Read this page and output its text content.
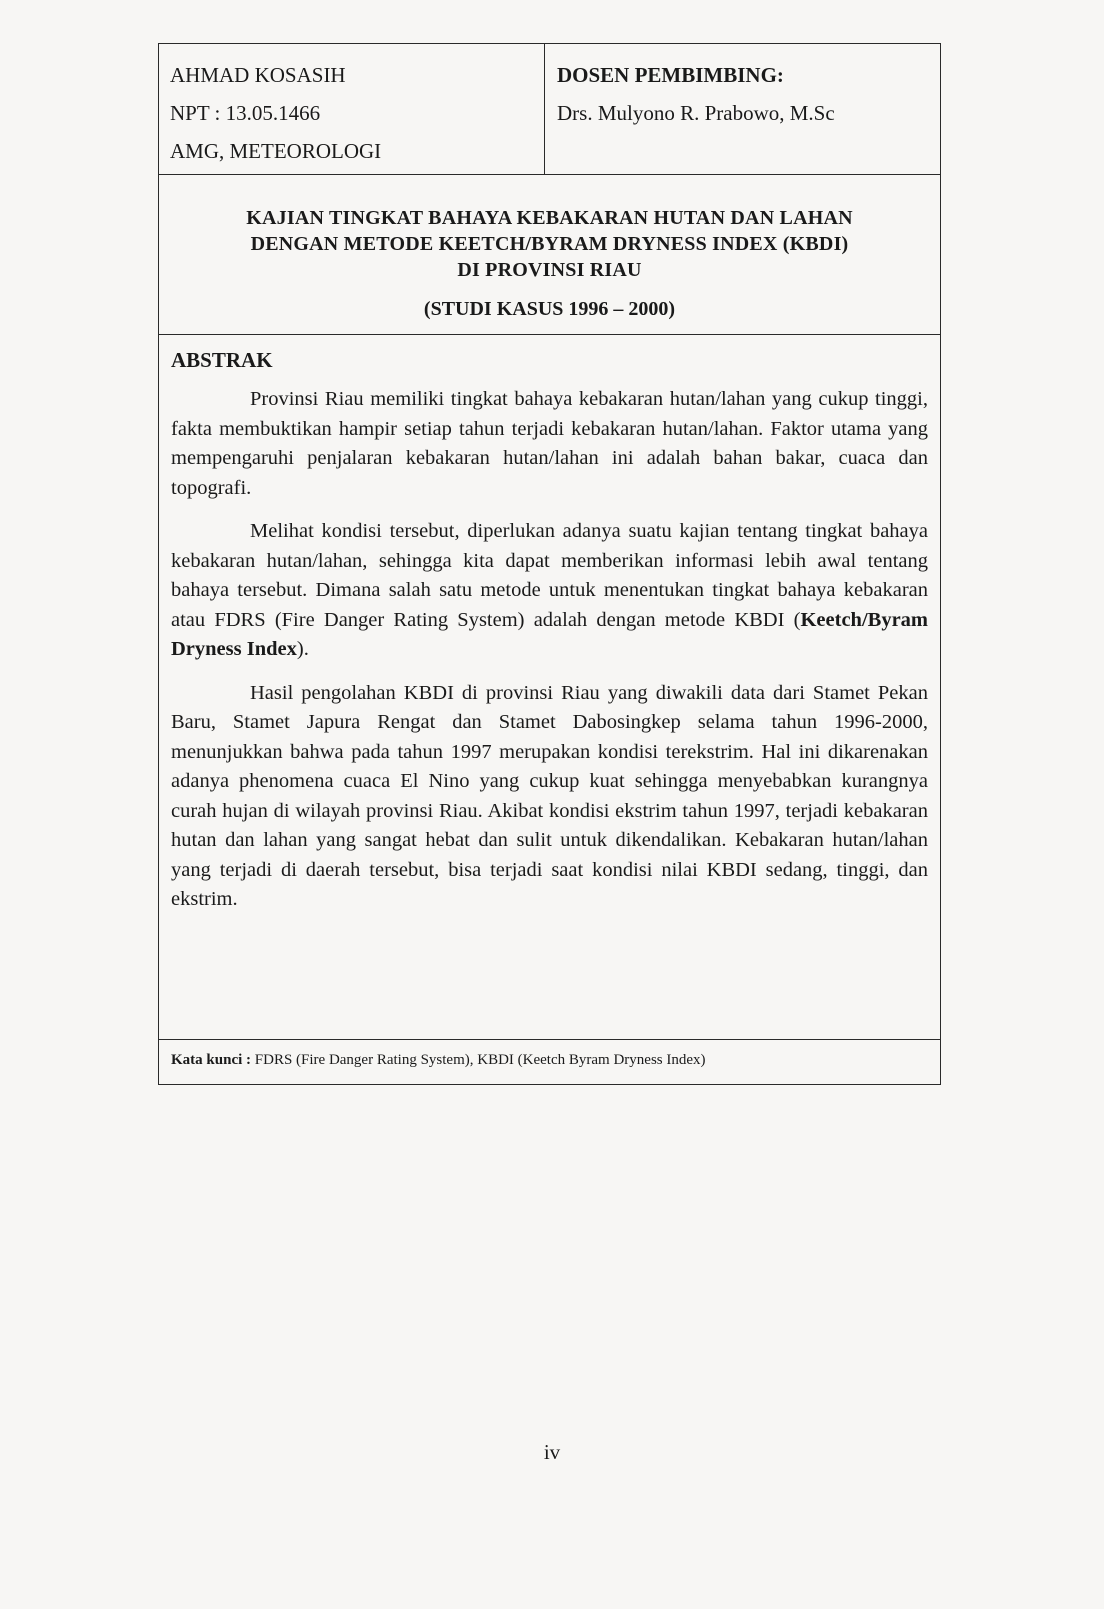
AHMAD KOSASIH
NPT : 13.05.1466
AMG, METEOROLOGI
DOSEN PEMBIMBING:
Drs. Mulyono R. Prabowo, M.Sc
KAJIAN TINGKAT BAHAYA KEBAKARAN HUTAN DAN LAHAN
DENGAN METODE KEETCH/BYRAM DRYNESS INDEX (KBDI)
DI PROVINSI RIAU
(STUDI KASUS 1996 – 2000)
ABSTRAK

Provinsi Riau memiliki tingkat bahaya kebakaran hutan/lahan yang cukup tinggi, fakta membuktikan hampir setiap tahun terjadi kebakaran hutan/lahan. Faktor utama yang mempengaruhi penjalaran kebakaran hutan/lahan ini adalah bahan bakar, cuaca dan topografi.

Melihat kondisi tersebut, diperlukan adanya suatu kajian tentang tingkat bahaya kebakaran hutan/lahan, sehingga kita dapat memberikan informasi lebih awal tentang bahaya tersebut. Dimana salah satu metode untuk menentukan tingkat bahaya kebakaran atau FDRS (Fire Danger Rating System) adalah dengan metode KBDI (Keetch/Byram Dryness Index).

Hasil pengolahan KBDI di provinsi Riau yang diwakili data dari Stamet Pekan Baru, Stamet Japura Rengat dan Stamet Dabosingkep selama tahun 1996-2000, menunjukkan bahwa pada tahun 1997 merupakan kondisi terekstrim. Hal ini dikarenakan adanya phenomena cuaca El Nino yang cukup kuat sehingga menyebabkan kurangnya curah hujan di wilayah provinsi Riau. Akibat kondisi ekstrim tahun 1997, terjadi kebakaran hutan dan lahan yang sangat hebat dan sulit untuk dikendalikan. Kebakaran hutan/lahan yang terjadi di daerah tersebut, bisa terjadi saat kondisi nilai KBDI sedang, tinggi, dan ekstrim.

Kata kunci : FDRS (Fire Danger Rating System), KBDI (Keetch Byram Dryness Index)
iv
